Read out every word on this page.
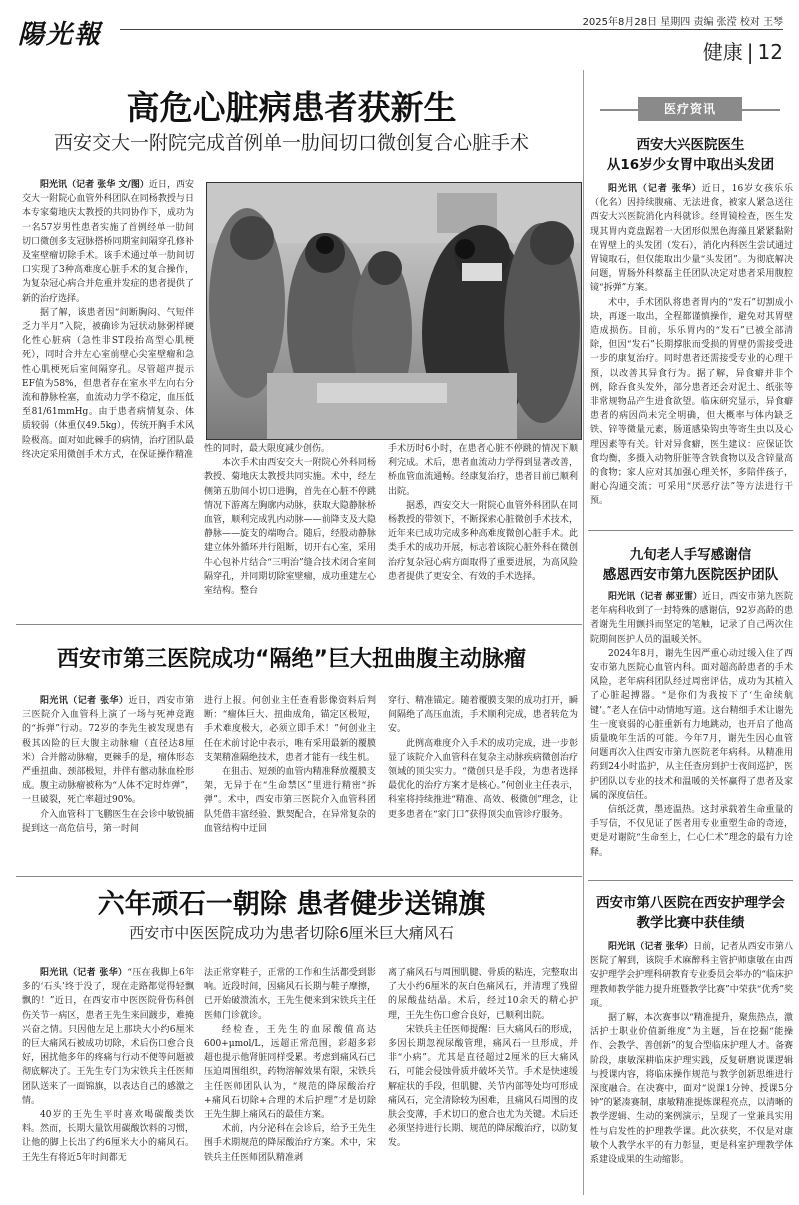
陽光報	2025年8月28日 星期四 责编 张滢 校对 王琴
健康 | 12
高危心脏病患者获新生
西安交大一附院完成首例单一肋间切口微创复合心脏手术

阳光讯（记者 张华 文/图）近日，西安交大一附院心血管外科团队在同杨教授与日本专家菊地庆太教授的共同协作下，成功为一名57岁男性患者实施了首例经单一肋间切口微创多支冠脉搭桥同期室间隔穿孔修补及室壁瘤切除手术。该手术通过单一肋间切口实现了3种高难度心脏手术的复合操作，为复杂冠心病合并危重并发症的患者提供了新的治疗选择。

据了解，该患者因“间断胸闷、气短伴乏力半月”入院，被确诊为冠状动脉粥样硬化性心脏病（急性非ST段抬高型心肌梗死），同时合并左心室前壁心尖室壁瘤和急性心肌梗死后室间隔穿孔。尽管超声提示EF值为58%，但患者存在室水平左向右分流和静脉栓塞，血流动力学不稳定，血压低至81/61mmHg。由于患者病情复杂、体质较弱（体重仅49.5kg），传统开胸手术风险极高。面对如此棘手的病情，治疗团队最终决定采用微创手术方式，在保证操作精准

性的同时，最大限度减少创伤。

本次手术由西安交大一附院心外科同杨教授、菊地庆太教授共同实施。术中，经左侧第五肋间小切口进胸，首先在心脏不停跳情况下游离左胸廓内动脉，获取大隐静脉桥血管，顺利完成乳内动脉——前降支及大隐静脉——旋支的端吻合。随后，经股动静脉建立体外循环并行阻断，切开右心室，采用牛心包补片结合“三明治”缝合技术闭合室间隔穿孔，并同期切除室壁瘤，成功重建左心室结构。整台

手术历时6小时，在患者心脏不停跳的情况下顺利完成。术后，患者血流动力学得到显著改善，桥血管血流通畅。经康复治疗，患者目前已顺利出院。

据悉，西安交大一附院心血管外科团队在同杨教授的带领下，不断探索心脏微创手术技术，近年来已成功完成多种高难度微创心脏手术。此类手术的成功开展，标志着该院心脏外科在微创治疗复杂冠心病方面取得了重要进展，为高风险患者提供了更安全、有效的手术选择。

西安市第三医院成功“隔绝”巨大扭曲腹主动脉瘤

阳光讯（记者 张华）近日，西安市第三医院介入血管科上演了一场与死神竞跑的“拆弹”行动。72岁的李先生被发现患有极其凶险的巨大腹主动脉瘤（直径达8厘米）合并髂动脉瘤，更棘手的是，瘤体形态严重扭曲、颈部极短，并伴有髂动脉血栓形成。腹主动脉瘤被称为“人体不定时炸弹”，一旦破裂，死亡率超过90%。

介入血管科丁飞鹏医生在会诊中敏锐捕捉到这一高危信号，第一时间

进行上报。何创业主任查看影像资料后判断：“瘤体巨大、扭曲成角，锚定区极短，手术难度极大，必须立即手术！”何创业主任在术前讨论中表示，唯有采用最新的覆膜支架精准隔绝技术，患者才能有一线生机。

在狙击、短颈的血管内精准释放覆膜支架，无异于在“生命禁区”里进行精密“拆弹”。术中，西安市第三医院介入血管科团队凭借丰富经验、默契配合，在异常复杂的血管结构中迂回

穿行、精准锚定。随着覆膜支架的成功打开，瞬间隔绝了高压血流，手术顺利完成，患者转危为安。

此例高难度介入手术的成功完成，进一步彰显了该院介入血管科在复杂主动脉疾病微创治疗领域的顶尖实力。“微创只是手段，为患者选择最优化的治疗方案才是核心。”何创业主任表示，科室将持续推进“精准、高效、极微创”理念，让更多患者在“家门口”获得顶尖血管诊疗服务。

六年顽石一朝除 患者健步送锦旗
西安市中医医院成功为患者切除6厘米巨大痛风石

阳光讯（记者 张华）“压在我脚上6年多的‘石头’终于没了，现在走路都觉得轻飘飘的！”近日，在西安市中医医院骨伤科创伤关节一病区，患者王先生来回踱步，难掩兴奋之情。只因他左足上那块大小约6厘米的巨大痛风石被成功切除，术后伤口愈合良好，困扰他多年的疼痛与行动不便等问题被彻底解决了。王先生专门为宋铁兵主任医师团队送来了一面锦旗，以表达自己的感激之情。

40岁的王先生平时喜欢喝碳酸类饮料。然而，长期大量饮用碳酸饮料的习惯，让他的脚上长出了约6厘米大小的痛风石。王先生有将近5年时间都无

法正常穿鞋子，正常的工作和生活都受到影响。近段时间，因痛风石长期与鞋子摩擦，已开始破溃流水，王先生便来到宋铁兵主任医师门诊就诊。

经检查，王先生的血尿酸值高达600+μmol/L，远超正常范围，彩超多彩超也提示他肾脏同样受累。考虑到痛风石已压迫周围组织，药物溶解效果有限，宋铁兵主任医师团队认为，“规范的降尿酸治疗+痛风石切除+合理的术后护理”才是切除王先生脚上痛风石的最佳方案。

术前，内分泌科在会诊后，给予王先生围手术期规范的降尿酸治疗方案。术中，宋铁兵主任医师团队精准剥

离了痛风石与周围肌腱、骨质的粘连，完整取出了大小约6厘米的灰白色痛风石，并清理了残留的尿酸盐结晶。术后，经过10余天的精心护理，王先生伤口愈合良好，已顺利出院。

宋铁兵主任医师提醒：巨大痛风石的形成，多因长期忽视尿酸管理，痛风石一旦形成，并非“小病”。尤其是直径超过2厘米的巨大痛风石，可能会侵蚀骨质并破坏关节。手术是快速缓解症状的手段，但肌腱、关节内部等处均可形成痛风石，完全清除较为困难，且痛风石周围的皮肤会变薄，手术切口的愈合也尤为关键。术后还必须坚持进行长期、规范的降尿酸治疗，以防复发。

医疗资讯
西安大兴医院医生
从16岁少女胃中取出头发团

阳光讯（记者 张华）近日，16岁女孩乐乐（化名）因持续腹痛、无法进食，被家人紧急送往西安大兴医院消化内科就诊。经胃镜检查，医生发现其胃内竟盘踞着一大团形似黑色海藻且紧紧黏附在胃壁上的头发团（发石），消化内科医生尝试通过胃镜取石，但仅能取出少量“头发团”。为彻底解决问题，胃肠外科蔡磊主任团队决定对患者采用腹腔镜“拆弹”方案。

术中，手术团队将患者胃内的“发石”切割成小块，再逐一取出，全程都谨慎操作，避免对其胃壁造成损伤。目前，乐乐胃内的“发石”已被全部清除，但因“发石”长期撑胀而受损的胃壁仍需接受进一步的康复治疗。同时患者还需接受专业的心理干预，以改善其异食行为。据了解，异食癖并非个例，除吞食头发外，部分患者还会对泥土、纸张等非常规物品产生进食欲望。临床研究显示，异食癖患者的病因尚未完全明确，但大概率与体内缺乏铁、锌等微量元素，肠道感染钩虫等寄生虫以及心理因素等有关。针对异食癖，医生建议：应保证饮食均衡，多摄入动物肝脏等含铁食物以及含锌量高的食物；家人应对其加强心理关怀，多陪伴孩子，耐心沟通交流；可采用“厌恶疗法”等方法进行干预。

九旬老人手写感谢信
感恩西安市第九医院医护团队

阳光讯（记者 郝亚雷）近日，西安市第九医院老年病科收到了一封特殊的感谢信，92岁高龄的患者谢先生用颤抖而坚定的笔触，记录了自己两次住院期间医护人员的温暖关怀。

2024年8月，谢先生因严重心动过缓入住了西安市第九医院心血管内科。面对超高龄患者的手术风险，老年病科团队经过周密评估，成功为其植入了心脏起搏器。“是你们为我按下了‘生命续航键’。”老人在信中动情地写道。这台精细手术让谢先生一度衰弱的心脏重新有力地跳动，也开启了他高质量晚年生活的可能。今年7月，谢先生因心血管问题再次入住西安市第九医院老年病科。从精准用药到24小时监护，从主任查房到护士夜间巡护，医护团队以专业的技术和温暖的关怀赢得了患者及家属的深度信任。

信纸泛黄，墨迹温热。这封承载着生命重量的手写信，不仅见证了医者用专业重塑生命的奇迹，更是对谢院“生命至上，仁心仁术”理念的最有力诠释。

西安市第八医院在西安护理学会
教学比赛中获佳绩

阳光讯（记者 张华）日前，记者从西安市第八医院了解到，该院手术麻醉科主管护师康敏在由西安护理学会护理科研教育专业委员会举办的“临床护理教师教学能力提升班暨教学比赛”中荣获“优秀”奖项。

据了解，本次赛事以“精准提升，聚焦热点，激活护士职业价值新维度”为主题，旨在挖掘“能操作、会教学、善创新”的复合型临床护理人才。备赛阶段，康敏深耕临床护理实践，反复研磨说课逻辑与授课内容，将临床操作规范与教学创新思维进行深度融合。在决赛中，面对“说课1分钟、授课5分钟”的紧凑赛制，康敏精准提炼课程亮点，以清晰的教学逻辑、生动的案例演示，呈现了一堂兼具实用性与启发性的护理教学课。此次获奖，不仅是对康敏个人教学水平的有力彰显，更是科室护理教学体系建设成果的生动缩影。
